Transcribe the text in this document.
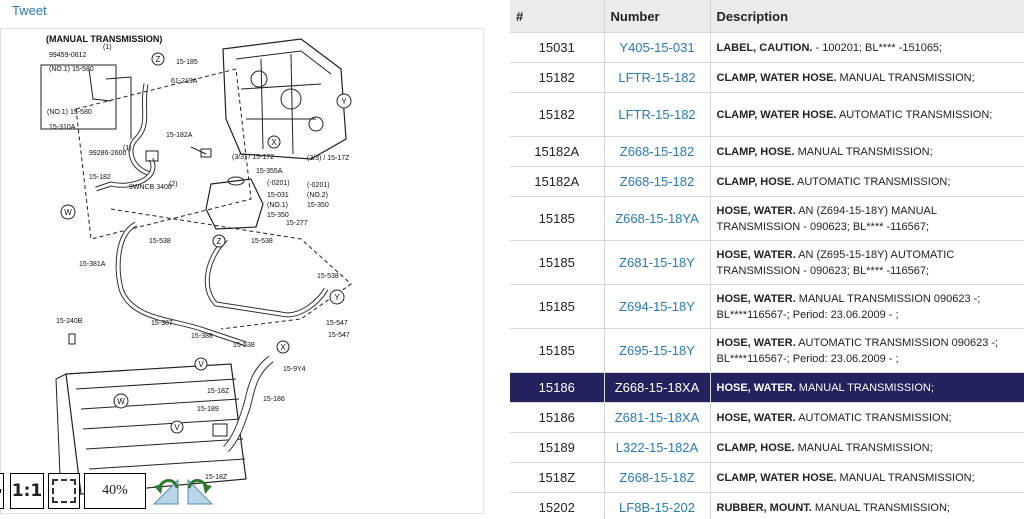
Tweet
99459-0612
(1)
15-185
(NO.1) 15-580
61-219A
(NO.1) 15-580
15-310A
15-182A
99286-2600
(1)
(3/3) / 15-172	(3/3) / 15-17Z
15-182
9WNCB 3400
(2)
15-355A
(-0201)
15-031
(-0201)
(NO.2)
(NO.1)
15-350
15-350
15-277
15-538	15-538
15-381A
15-538
15-240B	15-387
15-388
15-538
15-547
15-547
15-9Y4
15-18Z
15-186
15-189
15-18Z
(MANUAL TRANSMISSION)
Z
Y
X
W
Z
Y
X
W
V
V
1:1	40%
#	Number	Description
15031	Y405-15-031	LABEL, CAUTION. - 100201; BL**** -151065;
15182	LFTR-15-182	CLAMP, WATER HOSE. MANUAL TRANSMISSION;
15182	LFTR-15-182	CLAMP, WATER HOSE. AUTOMATIC TRANSMISSION;
15182A	Z668-15-182	CLAMP, HOSE. MANUAL TRANSMISSION;
15182A	Z668-15-182	CLAMP, HOSE. AUTOMATIC TRANSMISSION;
15185	Z668-15-18YA	HOSE, WATER. AN (Z694-15-18Y) MANUAL TRANSMISSION - 090623; BL**** -116567;
15185	Z681-15-18Y	HOSE, WATER. AN (Z695-15-18Y) AUTOMATIC TRANSMISSION - 090623; BL**** -116567;
15185	Z694-15-18Y	HOSE, WATER. MANUAL TRANSMISSION 090623 -; BL****116567-; Period: 23.06.2009 - ;
15185	Z695-15-18Y	HOSE, WATER. AUTOMATIC TRANSMISSION 090623 -; BL****116567-; Period: 23.06.2009 - ;
15186	Z668-15-18XA	HOSE, WATER. MANUAL TRANSMISSION;
15186	Z681-15-18XA	HOSE, WATER. AUTOMATIC TRANSMISSION;
15189	L322-15-182A	CLAMP, HOSE. MANUAL TRANSMISSION;
1518Z	Z668-15-18Z	CLAMP, WATER HOSE. MANUAL TRANSMISSION;
15202	LF8B-15-202	RUBBER, MOUNT. MANUAL TRANSMISSION;
